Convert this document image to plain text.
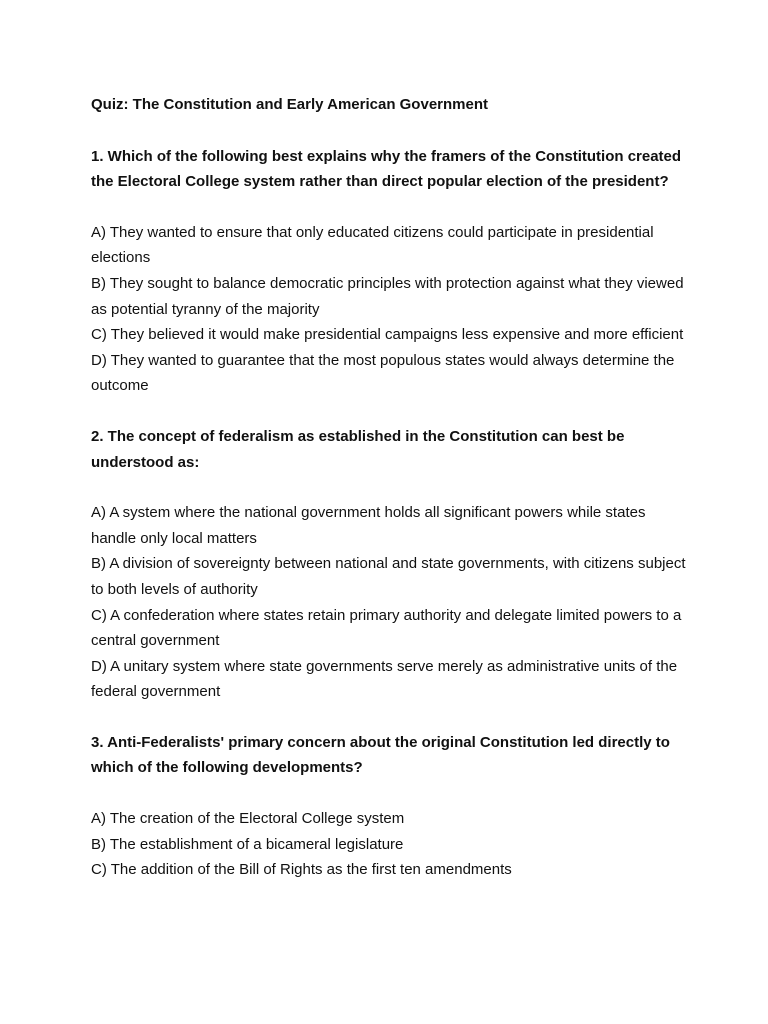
Quiz: The Constitution and Early American Government
1. Which of the following best explains why the framers of the Constitution created the Electoral College system rather than direct popular election of the president?
A) They wanted to ensure that only educated citizens could participate in presidential elections
B) They sought to balance democratic principles with protection against what they viewed as potential tyranny of the majority
C) They believed it would make presidential campaigns less expensive and more efficient
D) They wanted to guarantee that the most populous states would always determine the outcome
2. The concept of federalism as established in the Constitution can best be understood as:
A) A system where the national government holds all significant powers while states handle only local matters
B) A division of sovereignty between national and state governments, with citizens subject to both levels of authority
C) A confederation where states retain primary authority and delegate limited powers to a central government
D) A unitary system where state governments serve merely as administrative units of the federal government
3. Anti-Federalists' primary concern about the original Constitution led directly to which of the following developments?
A) The creation of the Electoral College system
B) The establishment of a bicameral legislature
C) The addition of the Bill of Rights as the first ten amendments
